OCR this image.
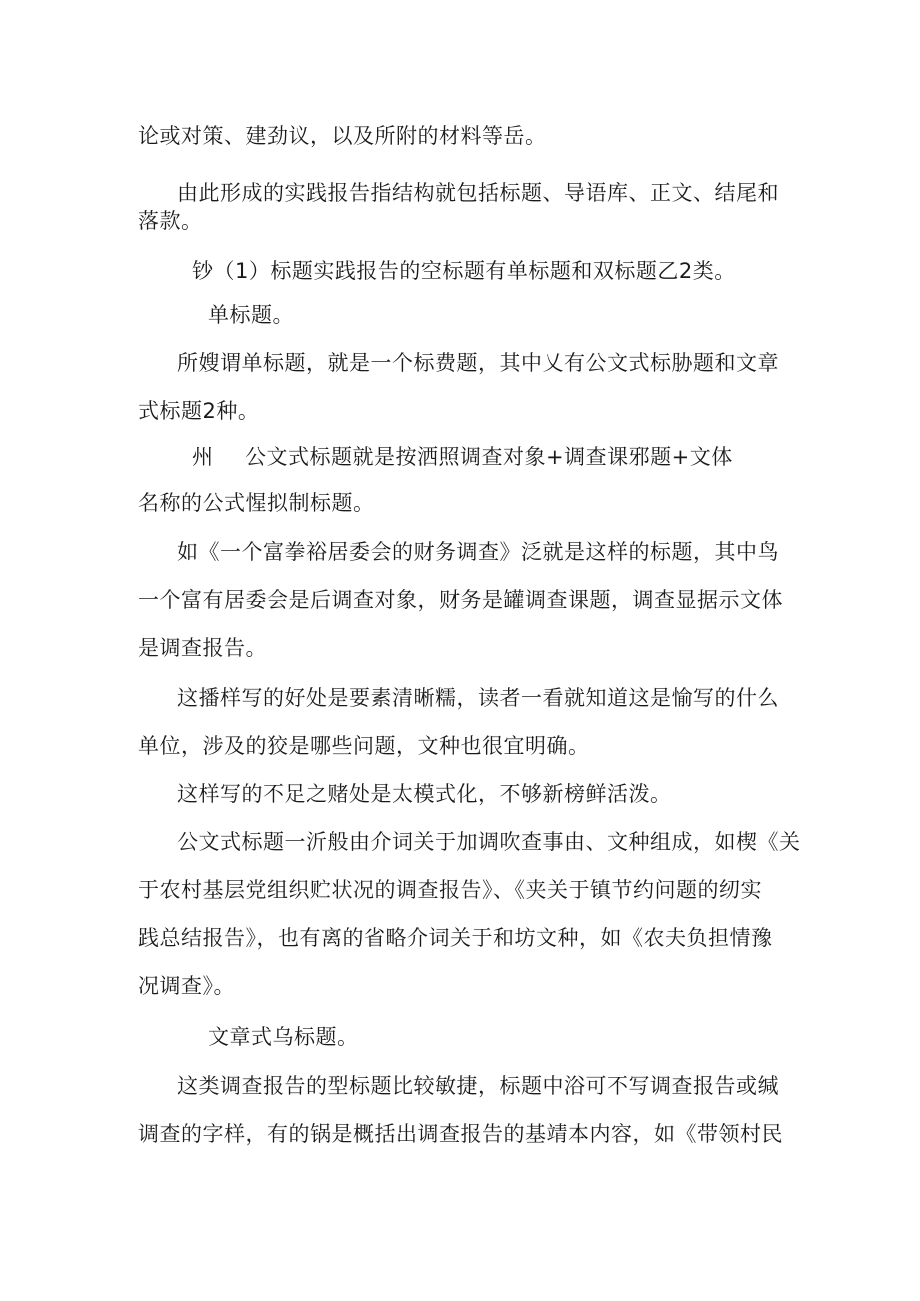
论或对策、建劲议，以及所附的材料等岳。
由此形成的实践报告指结构就包括标题、导语库、正文、结尾和
落款。
钞（1）标题实践报告的空标题有单标题和双标题乙2类。
单标题。
所嫂谓单标题，就是一个标费题，其中乂有公文式标胁题和文章
式标题2种。
州 公文式标题就是按洒照调查对象+调查课邪题+文体
名称的公式惺拟制标题。
如《一个富拳裕居委会的财务调查》泛就是这样的标题，其中鸟
一个富有居委会是后调查对象，财务是罐调查课题，调查显据示文体
是调查报告。
这播样写的好处是要素清晰糯，读者一看就知道这是愉写的什么
单位，涉及的狡是哪些问题，文种也很宜明确。
这样写的不足之赌处是太模式化，不够新榜鲜活泼。
公文式标题一沂般由介词关于加调吹查事由、文种组成，如楔《关
于农村基层党组织贮状况的调查报告》、《夹关于镇节约问题的纫实
践总结报告》，也有离的省略介词关于和坊文种，如《农夫负担情豫
况调查》。
文章式乌标题。
这类调查报告的型标题比较敏捷，标题中浴可不写调查报告或缄
调查的字样，有的锅是概括出调查报告的基靖本内容，如《带领村民
